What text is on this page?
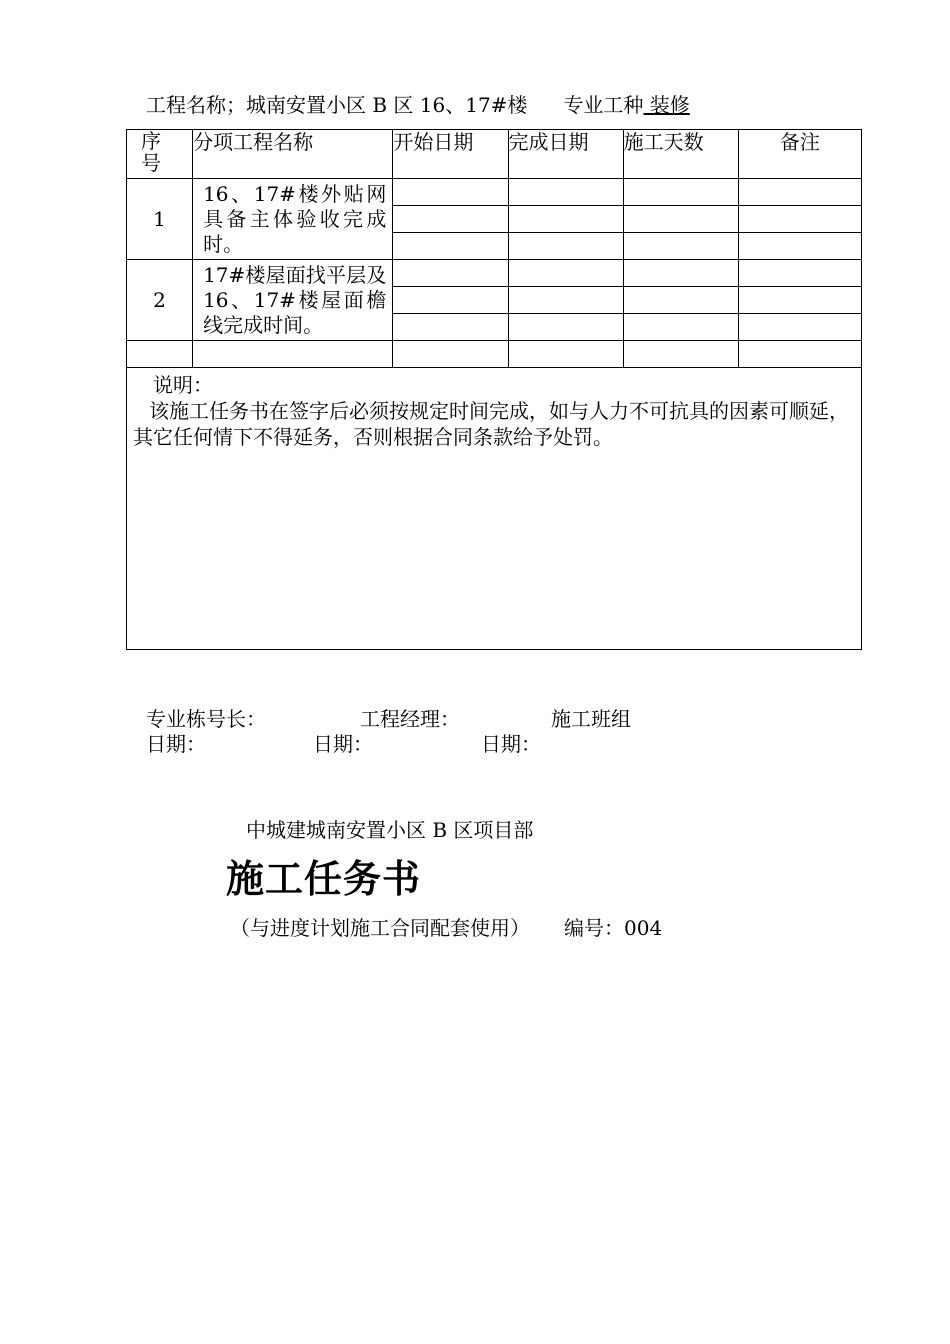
工程名称；城南安置小区 B 区 16、17#楼 专业工种 装修
序号	分项工程名称	开始日期	完成日期	施工天数	备注
1	16、17#楼外贴网具备主体验收完成时。				

2	17#楼屋面找平层及16、17#楼屋面檐线完成时间。				

说明：
该施工任务书在签字后必须按规定时间完成，如与人力不可抗具的因素可顺延，其它任何情下不得延务，否则根据合同条款给予处罚。					
专业栋号长：	工程经理：	施工班组
日期：	日期：	日期：
中城建城南安置小区 B 区项目部
施工任务书
（与进度计划施工合同配套使用） 编号：004
